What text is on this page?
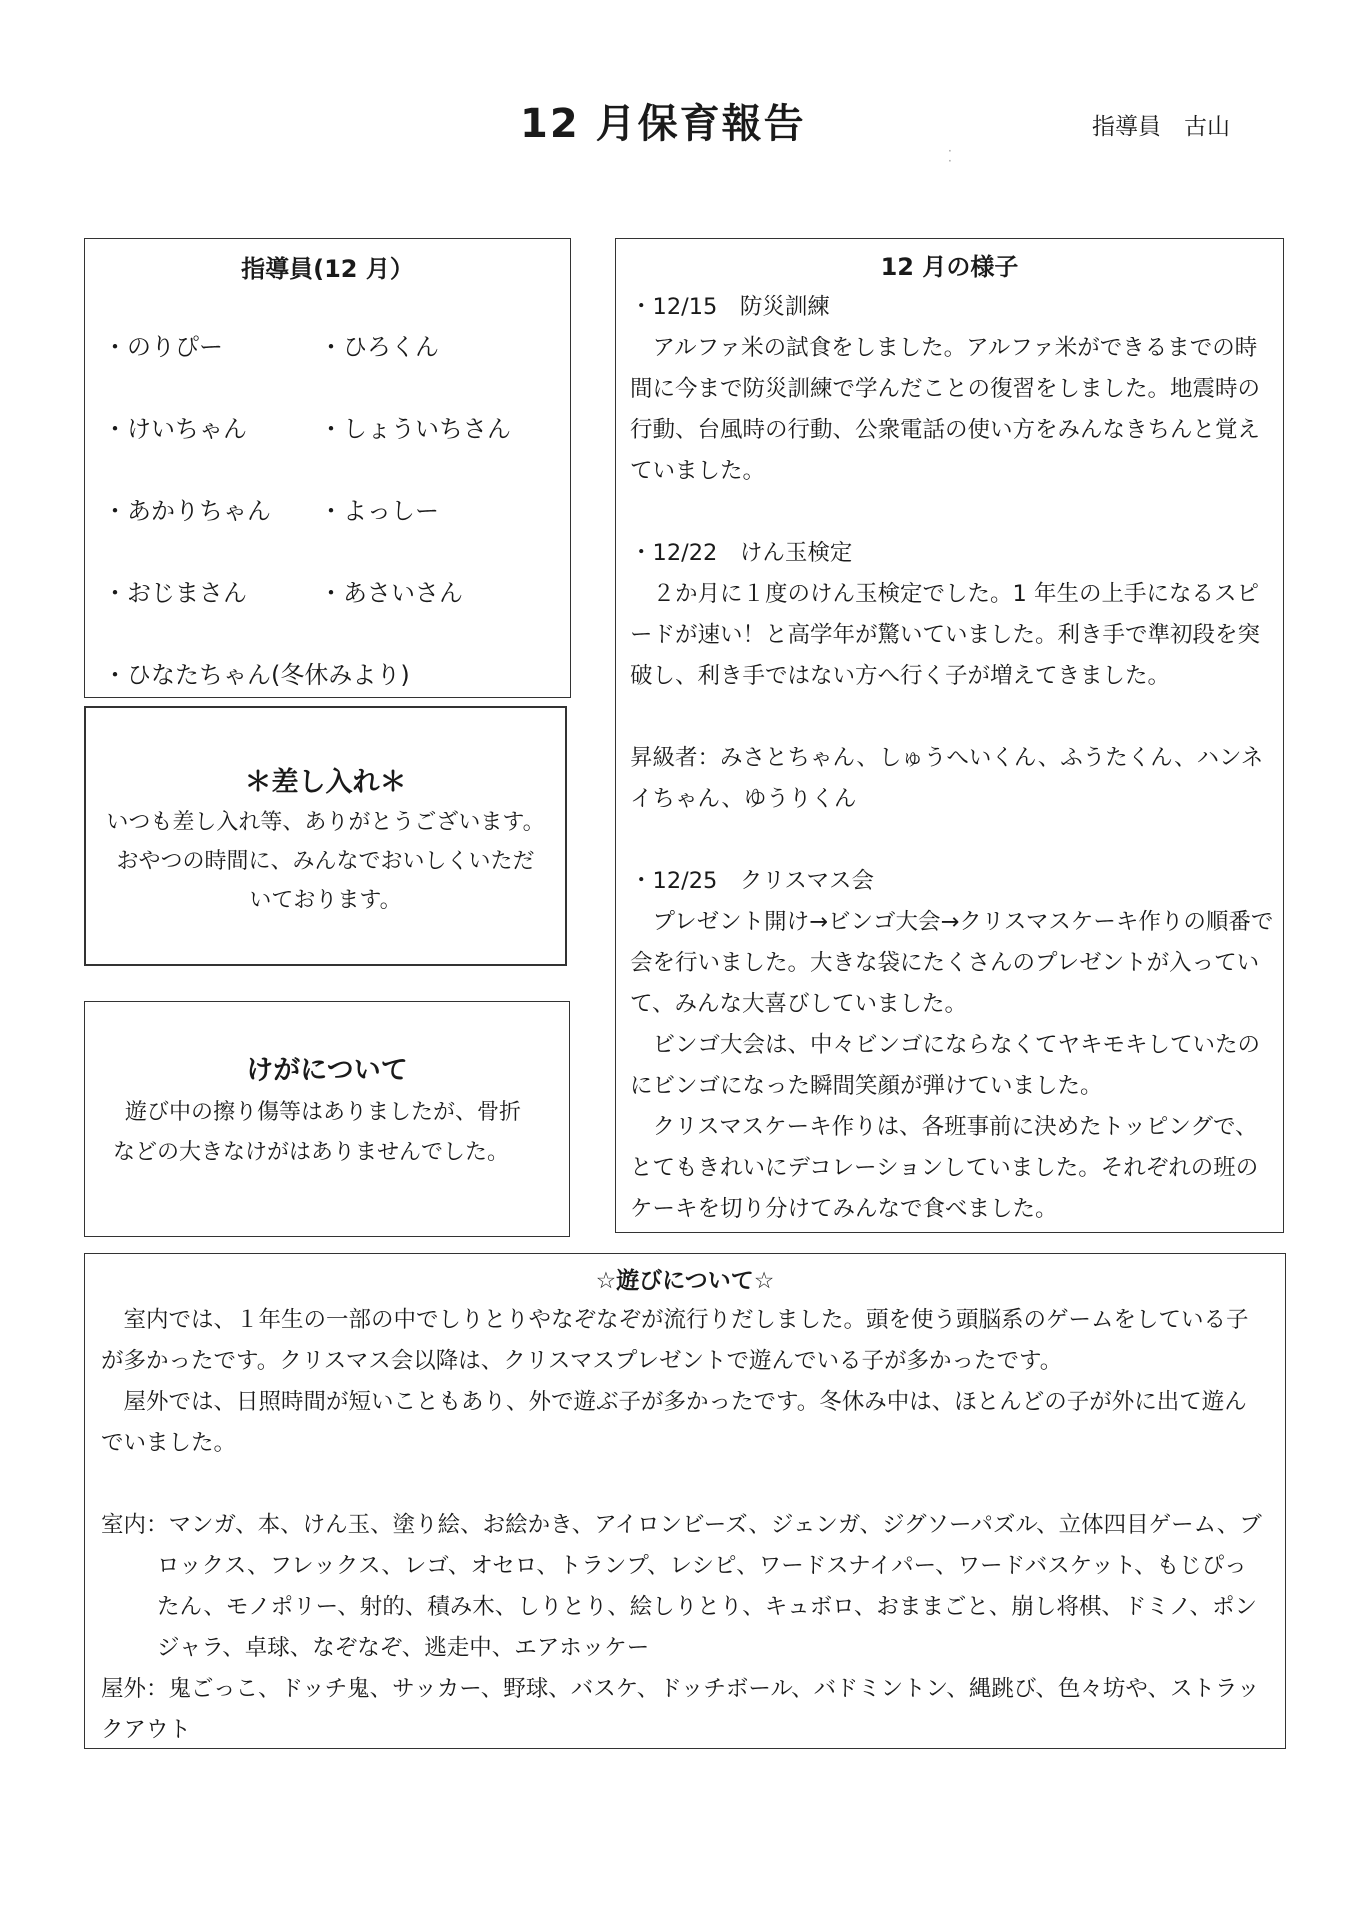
12 月保育報告	指導員　古山
·
·
指導員(12 月）
・のりぴー	・ひろくん
・けいちゃん	・しょういちさん
・あかりちゃん ・よっしー
・おじまさん	・あさいさん
・ひなたちゃん(冬休みより)
＊差し入れ＊
いつも差し入れ等、ありがとうございます。
おやつの時間に、みんなでおいしくいただ
いております。
けがについて
遊び中の擦り傷等はありましたが、骨折
などの大きなけがはありませんでした。
12 月の様子
・12/15　防災訓練
アルファ米の試食をしました。アルファ米ができるまでの時間に今まで防災訓練で学んだことの復習をしました。地震時の行動、台風時の行動、公衆電話の使い方をみんなきちんと覚えていました。
・12/22　けん玉検定
２か月に１度のけん玉検定でした。1 年生の上手になるスピードが速い！と高学年が驚いていました。利き手で準初段を突破し、利き手ではない方へ行く子が増えてきました。
昇級者：みさとちゃん、しゅうへいくん、ふうたくん、ハンネイちゃん、ゆうりくん
・12/25　クリスマス会
プレゼント開け→ビンゴ大会→クリスマスケーキ作りの順番で会を行いました。大きな袋にたくさんのプレゼントが入っていて、みんな大喜びしていました。
ビンゴ大会は、中々ビンゴにならなくてヤキモキしていたのにビンゴになった瞬間笑顔が弾けていました。
クリスマスケーキ作りは、各班事前に決めたトッピングで、とてもきれいにデコレーションしていました。それぞれの班のケーキを切り分けてみんなで食べました。
☆遊びについて☆
室内では、１年生の一部の中でしりとりやなぞなぞが流行りだしました。頭を使う頭脳系のゲームをしている子が多かったです。クリスマス会以降は、クリスマスプレゼントで遊んでいる子が多かったです。
屋外では、日照時間が短いこともあり、外で遊ぶ子が多かったです。冬休み中は、ほとんどの子が外に出て遊んでいました。
室内：マンガ、本、けん玉、塗り絵、お絵かき、アイロンビーズ、ジェンガ、ジグソーパズル、立体四目ゲーム、ブロックス、フレックス、レゴ、オセロ、トランプ、レシピ、ワードスナイパー、ワードバスケット、もじぴったん、モノポリー、射的、積み木、しりとり、絵しりとり、キュボロ、おままごと、崩し将棋、ドミノ、ポンジャラ、卓球、なぞなぞ、逃走中、エアホッケー
屋外：鬼ごっこ、ドッチ鬼、サッカー、野球、バスケ、ドッチボール、バドミントン、縄跳び、色々坊や、ストラックアウト
